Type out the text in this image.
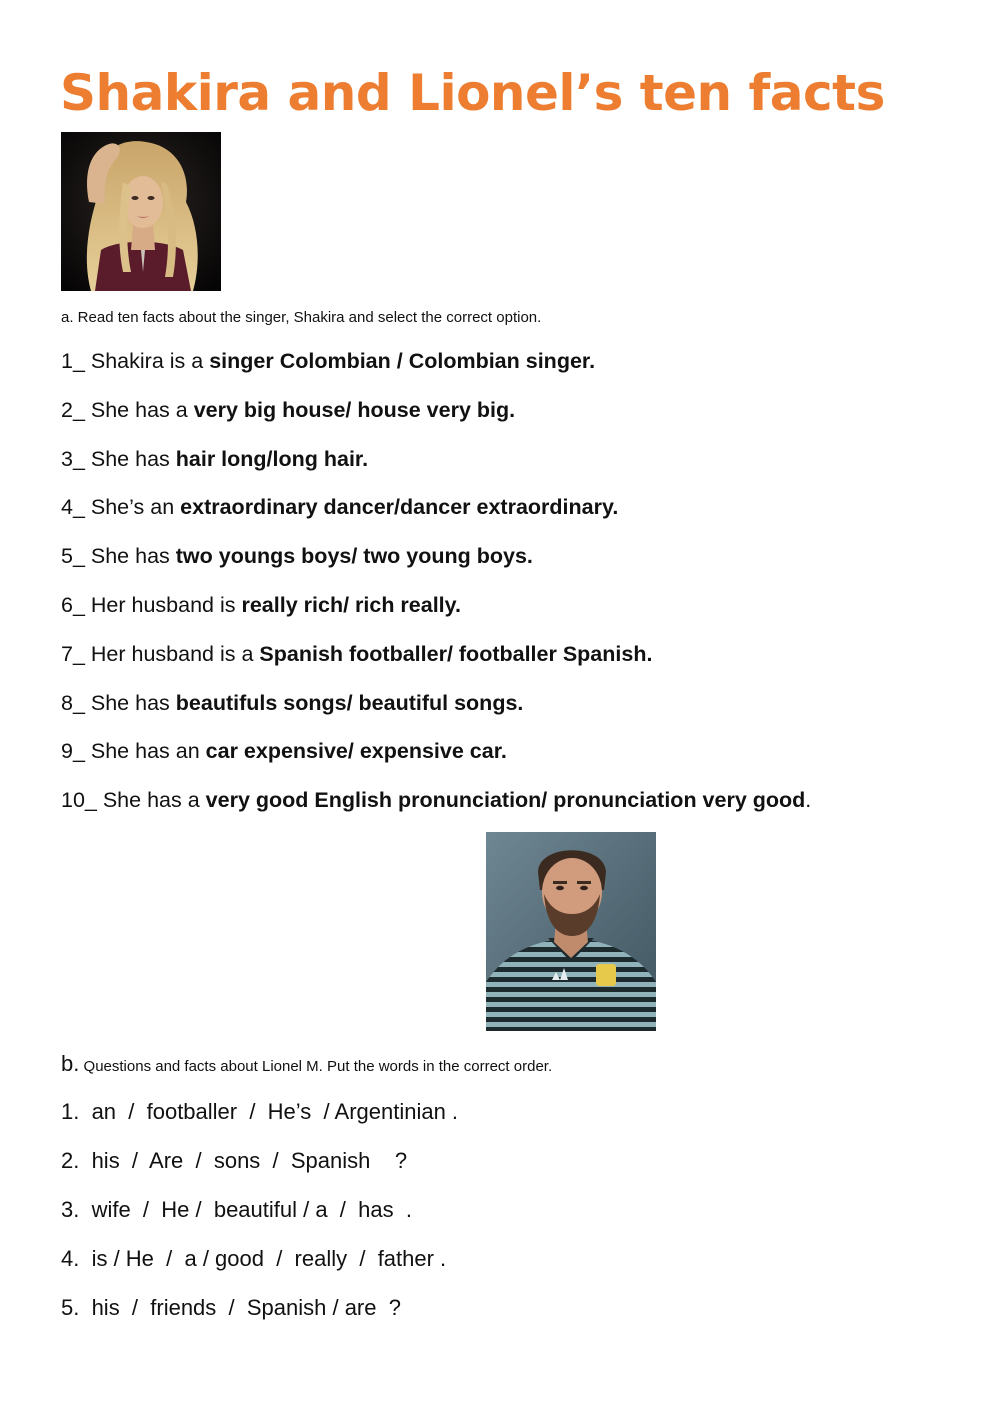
Shakira and Lionel’s ten facts
a. Read ten facts about the singer, Shakira and select the correct option.
1_ Shakira is a singer Colombian / Colombian singer.
2_ She has a very big house/ house very big.
3_ She has hair long/long hair.
4_ She’s an extraordinary dancer/dancer extraordinary.
5_ She has two youngs boys/ two young boys.
6_ Her husband is really rich/ rich really.
7_ Her husband is a Spanish footballer/ footballer Spanish.
8_ She has beautifuls songs/ beautiful songs.
9_ She has an car expensive/ expensive car.
10_ She has a very good English pronunciation/ pronunciation very good.
b. Questions and facts about Lionel M. Put the words in the correct order.
1.  an  /  footballer  /  He’s  / Argentinian .
2.  his  /  Are  /  sons  /  Spanish    ?
3.  wife  /  He /  beautiful / a  /  has  .
4.  is / He  /  a / good  /  really  /  father .
5.  his  /  friends  /  Spanish / are  ?
